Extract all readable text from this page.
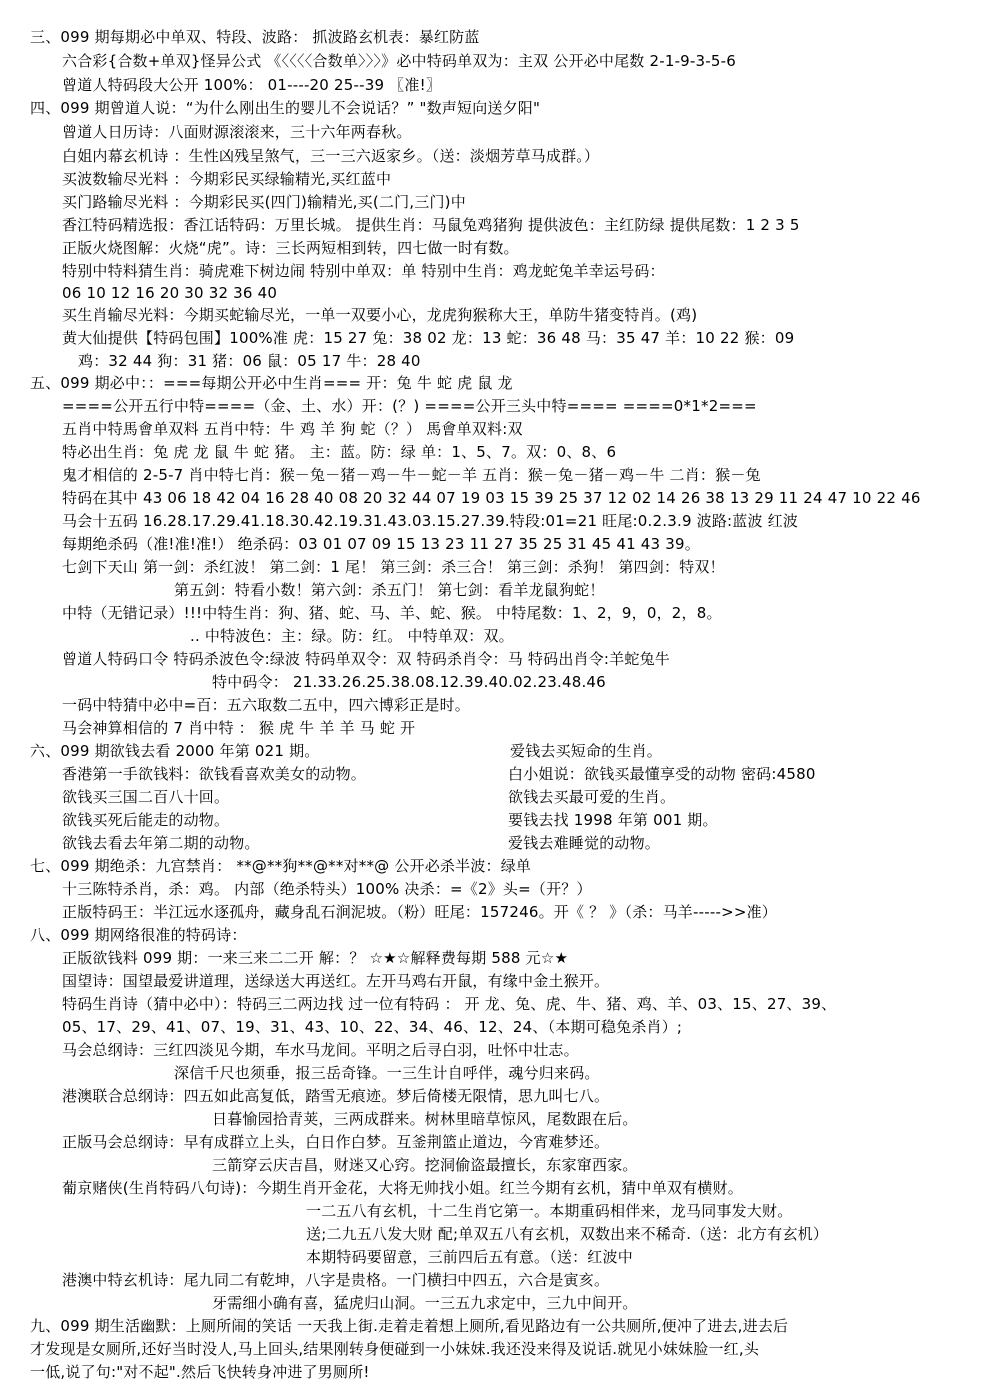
三、099 期每期必中单双、特段、波路： 抓波路玄机表：暴红防蓝
六合彩{合数+单双}怪异公式 《〈〈〈〈合数单〉〉〉》必中特码单双为：主双 公开必中尾数 2-1-9-3-5-6
曾道人特码段大公开 100%： 01----20 25--39 〖准!〗
四、099 期曾道人说：“为什么刚出生的婴儿不会说话？” "数声短向送夕阳"
曾道人日历诗：八面财源滚滚来，三十六年两春秋。
白姐内幕玄机诗 ：生性凶残呈煞气，三一三六返家乡。（送：淡烟芳草马成群。）
买波数输尽光料 ：今期彩民买绿输精光,买红蓝中
买门路输尽光料 ：今期彩民买(四门)输精光,买(二门,三门)中
香江特码精选报：香江话特码：万里长城。 提供生肖：马鼠兔鸡猪狗 提供波色：主红防绿 提供尾数：1 2 3 5
正版火烧图解：火烧“虎”。诗：三长两短相到转，四七做一时有数。
特别中特料猜生肖：骑虎难下树边闹 特别中单双：单 特别中生肖：鸡龙蛇兔羊幸运号码：
06 10 12 16 20 30 32 36 40
买生肖输尽光料：今期买蛇输尽光，一单一双要小心，龙虎狗猴称大王，单防牛猪变特肖。(鸡)
黄大仙提供【特码包围】100%准 虎：15 27 兔：38 02 龙：13 蛇：36 48 马：35 47 羊：10 22 猴：09
鸡：32 44 狗：31 猪：06 鼠：05 17 牛：28 40
五、099 期必中：：===每期公开必中生肖=== 开：兔 牛 蛇 虎 鼠 龙
====公开五行中特====（金、土、水）开：(？) ====公开三头中特==== ====0*1*2===
五肖中特馬會单双料 五肖中特：牛 鸡 羊 狗 蛇（？） 馬會单双料:双
特必出生肖：兔 虎 龙 鼠 牛 蛇 猪。 主：蓝。防：绿 单：1、5、7。双：0、8、6
鬼才相信的 2-5-7 肖中特七肖：猴－兔－猪－鸡－牛－蛇－羊 五肖：猴－兔－猪－鸡－牛 二肖：猴－兔
特码在其中 43 06 18 42 04 16 28 40 08 20 32 44 07 19 03 15 39 25 37 12 02 14 26 38 13 29 11 24 47 10 22 46
马会十五码 16.28.17.29.41.18.30.42.19.31.43.03.15.27.39.特段:01=21 旺尾:0.2.3.9 波路:蓝波 红波
每期绝杀码（准!准!准!） 绝杀码：03 01 07 09 15 13 23 11 27 35 25 31 45 41 43 39。
七剑下天山 第一剑：杀红波！ 第二剑：1 尾！ 第三剑：杀三合！ 第三剑：杀狗！ 第四剑：特双！
第五剑：特看小数！第六剑：杀五门！ 第七剑：看羊龙鼠狗蛇！
中特（无错记录）!!!中特生肖：狗、猪、蛇、马、羊、蛇、猴。 中特尾数：1、2，9，0，2，8。
.. 中特波色：主：绿。防：红。 中特单双：双。
曾道人特码口令 特码杀波色令:绿波 特码单双令：双 特码杀肖令：马 特码出肖令:羊蛇兔牛
特中码令： 21.33.26.25.38.08.12.39.40.02.23.48.46
一码中特猜中必中=百：五六取数二五中，四六博彩正是时。
马会神算相信的 7 肖中特 ： 猴 虎 牛 羊 羊 马 蛇 开
六、099 期欲钱去看 2000 年第 021 期。	爱钱去买短命的生肖。
香港第一手欲钱料：欲钱看喜欢美女的动物。	白小姐说：欲钱买最懂享受的动物 密码:4580
欲钱买三国二百八十回。	欲钱去买最可爱的生肖。
欲钱买死后能走的动物。	要钱去找 1998 年第 001 期。
欲钱去看去年第二期的动物。	爱钱去难睡觉的动物。
七、099 期绝杀：九宫禁肖： **@**狗**@**对**@ 公开必杀半波：绿单
十三陈特杀肖，杀：鸡。 内部（绝杀特头）100% 决杀：=《2》头=（开？）
正版特码王：半江远水逐孤舟，藏身乱石涧泥坡。（粉）旺尾：157246。开《 ？ 》（杀：马羊----->>准）
八、099 期网络很准的特码诗：
正版欲钱料 099 期：一来三来二二开 解：？ ☆★☆解释费每期 588 元☆★
国望诗：国望最爱讲道理，送绿送大再送红。左开马鸡右开鼠，有缘中金土猴开。
特码生肖诗（猜中必中）：特码三二两边找 过一位有特码 ： 开 龙、兔、虎、牛、猪、鸡、羊、03、15、27、39、
05、17、29、41、07、19、31、43、10、22、34、46、12、24、（本期可稳兔杀肖）;
马会总纲诗：三红四淡见今期，车水马龙间。平明之后寻白羽，吐怀中壮志。
深信千尺也须垂，报三岳奇锋。一三生计自呼伴，魂兮归来码。
港澳联合总纲诗：四五如此高复低，踏雪无痕迹。梦后倚楼无限情，思九叫七八。
日暮愉园拾青荚，三两成群来。树林里暗草惊风，尾数跟在后。
正版马会总纲诗：早有成群立上头，白日作白梦。互釜荆篮止道边，今宵难梦还。
三箭穿云庆吉昌，财迷又心窍。挖洞偷盗最擅长，东家窜西家。
葡京赌侠(生肖特码八句诗)：今期生肖开金花，大将无帅找小姐。红兰今期有玄机，猜中单双有横财。
一二五八有玄机，十二生肖它第一。本期重码相伴来，龙马同事发大财。
送;二九五八发大财 配;单双五八有玄机，双数出来不稀奇.（送：北方有玄机）
本期特码要留意，三前四后五有意。（送：红波中
港澳中特玄机诗：尾九同二有乾坤，八字是贵格。一门横扫中四五，六合是寅亥。
牙需细小确有喜，猛虎归山洞。一三五九求定中，三九中间开。
九、099 期生活幽默：上厕所闹的笑话 一天我上街.走着走着想上厕所,看见路边有一公共厕所,便冲了进去,进去后
才发现是女厕所,还好当时没人,马上回头,结果刚转身便碰到一小妹妹.我还没来得及说话.就见小妹妹脸一红,头
一低,说了句:"对不起".然后飞快转身冲进了男厕所!
